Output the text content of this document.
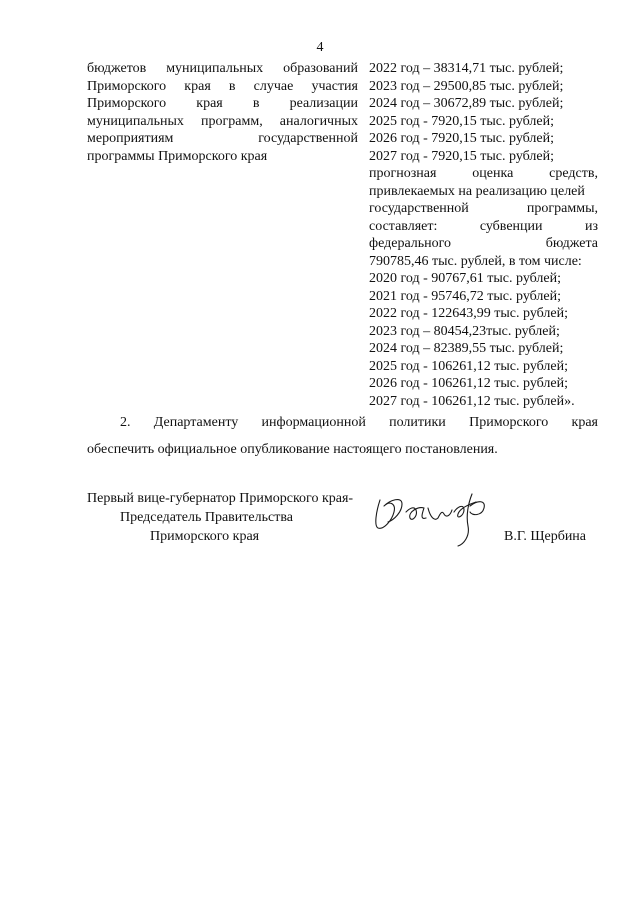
4
бюджетов муниципальных образований
Приморского края в случае участия
Приморского края в реализации
муниципальных программ, аналогичных
мероприятиям государственной
программы Приморского края
2022 год – 38314,71 тыс. рублей;
2023 год – 29500,85 тыс. рублей;
2024 год – 30672,89 тыс. рублей;
2025 год - 7920,15 тыс. рублей;
2026 год - 7920,15 тыс. рублей;
2027 год - 7920,15 тыс. рублей;
прогнозная оценка средств,
привлекаемых на реализацию целей
государственной программы,
составляет: субвенции из
федерального бюджета
790785,46 тыс. рублей, в том числе:
2020 год - 90767,61 тыс. рублей;
2021 год - 95746,72 тыс. рублей;
2022 год - 122643,99 тыс. рублей;
2023 год – 80454,23тыс. рублей;
2024 год – 82389,55 тыс. рублей;
2025 год - 106261,12 тыс. рублей;
2026 год - 106261,12 тыс. рублей;
2027 год - 106261,12 тыс. рублей».
2. Департаменту информационной политики Приморского края
обеспечить официальное опубликование настоящего постановления.
Первый вице-губернатор Приморского края-
Председатель Правительства
Приморского края	В.Г. Щербина
